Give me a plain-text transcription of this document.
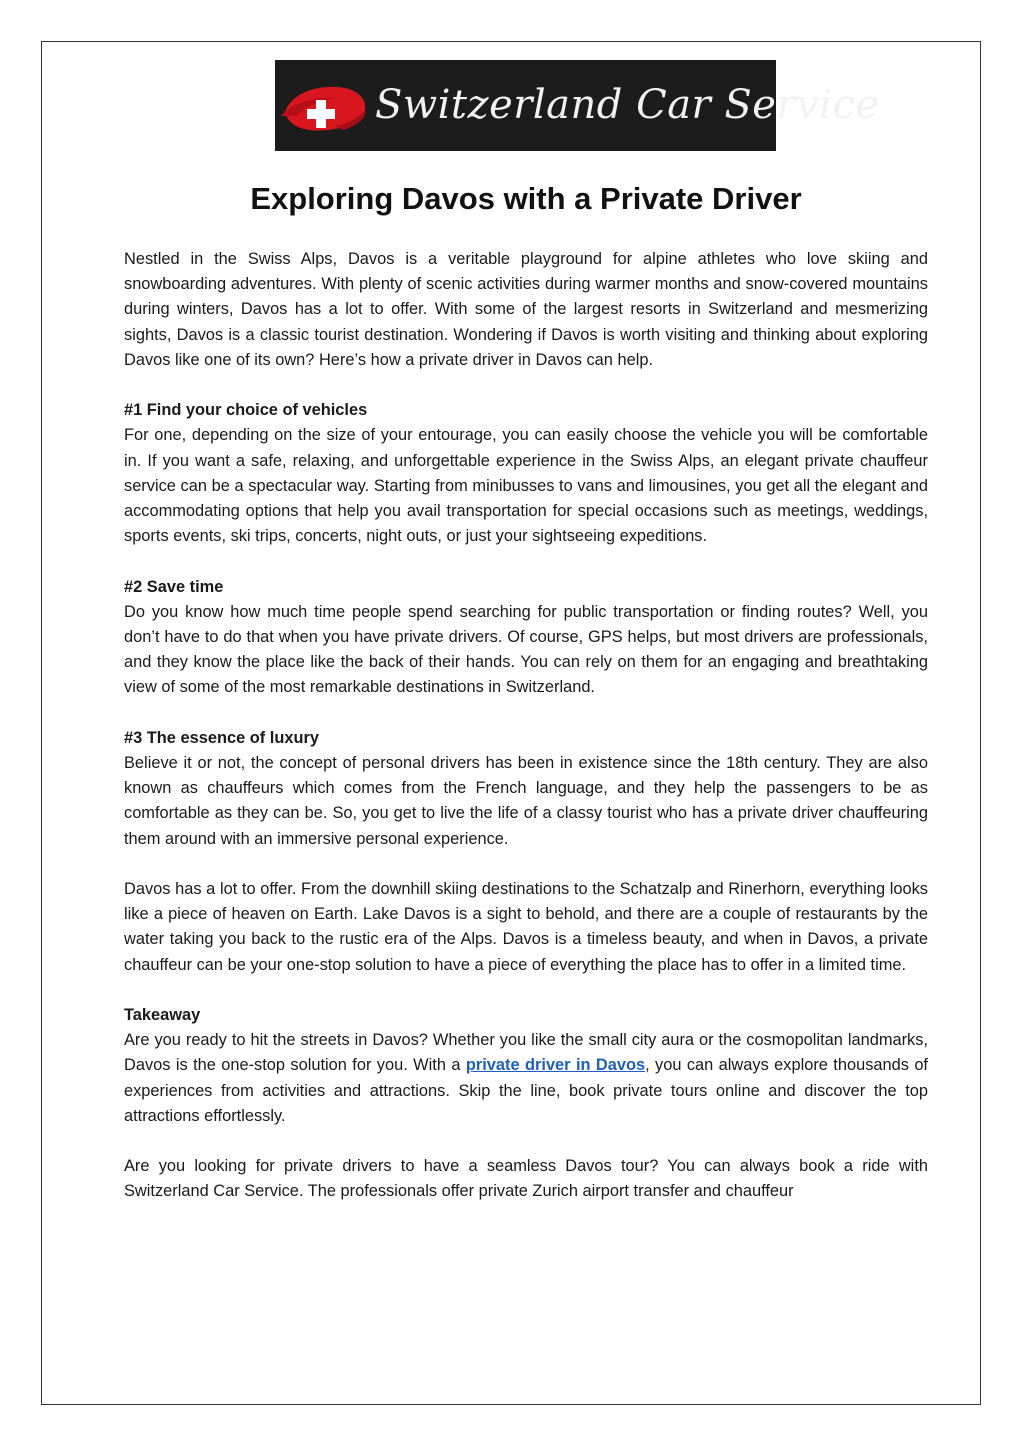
Switzerland Car Service
Exploring Davos with a Private Driver

Nestled in the Swiss Alps, Davos is a veritable playground for alpine athletes who love skiing and snowboarding adventures. With plenty of scenic activities during warmer months and snow-covered mountains during winters, Davos has a lot to offer. With some of the largest resorts in Switzerland and mesmerizing sights, Davos is a classic tourist destination. Wondering if Davos is worth visiting and thinking about exploring Davos like one of its own? Here’s how a private driver in Davos can help.

#1 Find your choice of vehicles
For one, depending on the size of your entourage, you can easily choose the vehicle you will be comfortable in. If you want a safe, relaxing, and unforgettable experience in the Swiss Alps, an elegant private chauffeur service can be a spectacular way. Starting from minibusses to vans and limousines, you get all the elegant and accommodating options that help you avail transportation for special occasions such as meetings, weddings, sports events, ski trips, concerts, night outs, or just your sightseeing expeditions.

#2 Save time
Do you know how much time people spend searching for public transportation or finding routes? Well, you don’t have to do that when you have private drivers. Of course, GPS helps, but most drivers are professionals, and they know the place like the back of their hands. You can rely on them for an engaging and breathtaking view of some of the most remarkable destinations in Switzerland.

#3 The essence of luxury
Believe it or not, the concept of personal drivers has been in existence since the 18th century. They are also known as chauffeurs which comes from the French language, and they help the passengers to be as comfortable as they can be. So, you get to live the life of a classy tourist who has a private driver chauffeuring them around with an immersive personal experience.

Davos has a lot to offer. From the downhill skiing destinations to the Schatzalp and Rinerhorn, everything looks like a piece of heaven on Earth. Lake Davos is a sight to behold, and there are a couple of restaurants by the water taking you back to the rustic era of the Alps. Davos is a timeless beauty, and when in Davos, a private chauffeur can be your one-stop solution to have a piece of everything the place has to offer in a limited time.

Takeaway
Are you ready to hit the streets in Davos? Whether you like the small city aura or the cosmopolitan landmarks, Davos is the one-stop solution for you. With a private driver in Davos, you can always explore thousands of experiences from activities and attractions. Skip the line, book private tours online and discover the top attractions effortlessly.

Are you looking for private drivers to have a seamless Davos tour? You can always book a ride with Switzerland Car Service. The professionals offer private Zurich airport transfer and chauffeur
